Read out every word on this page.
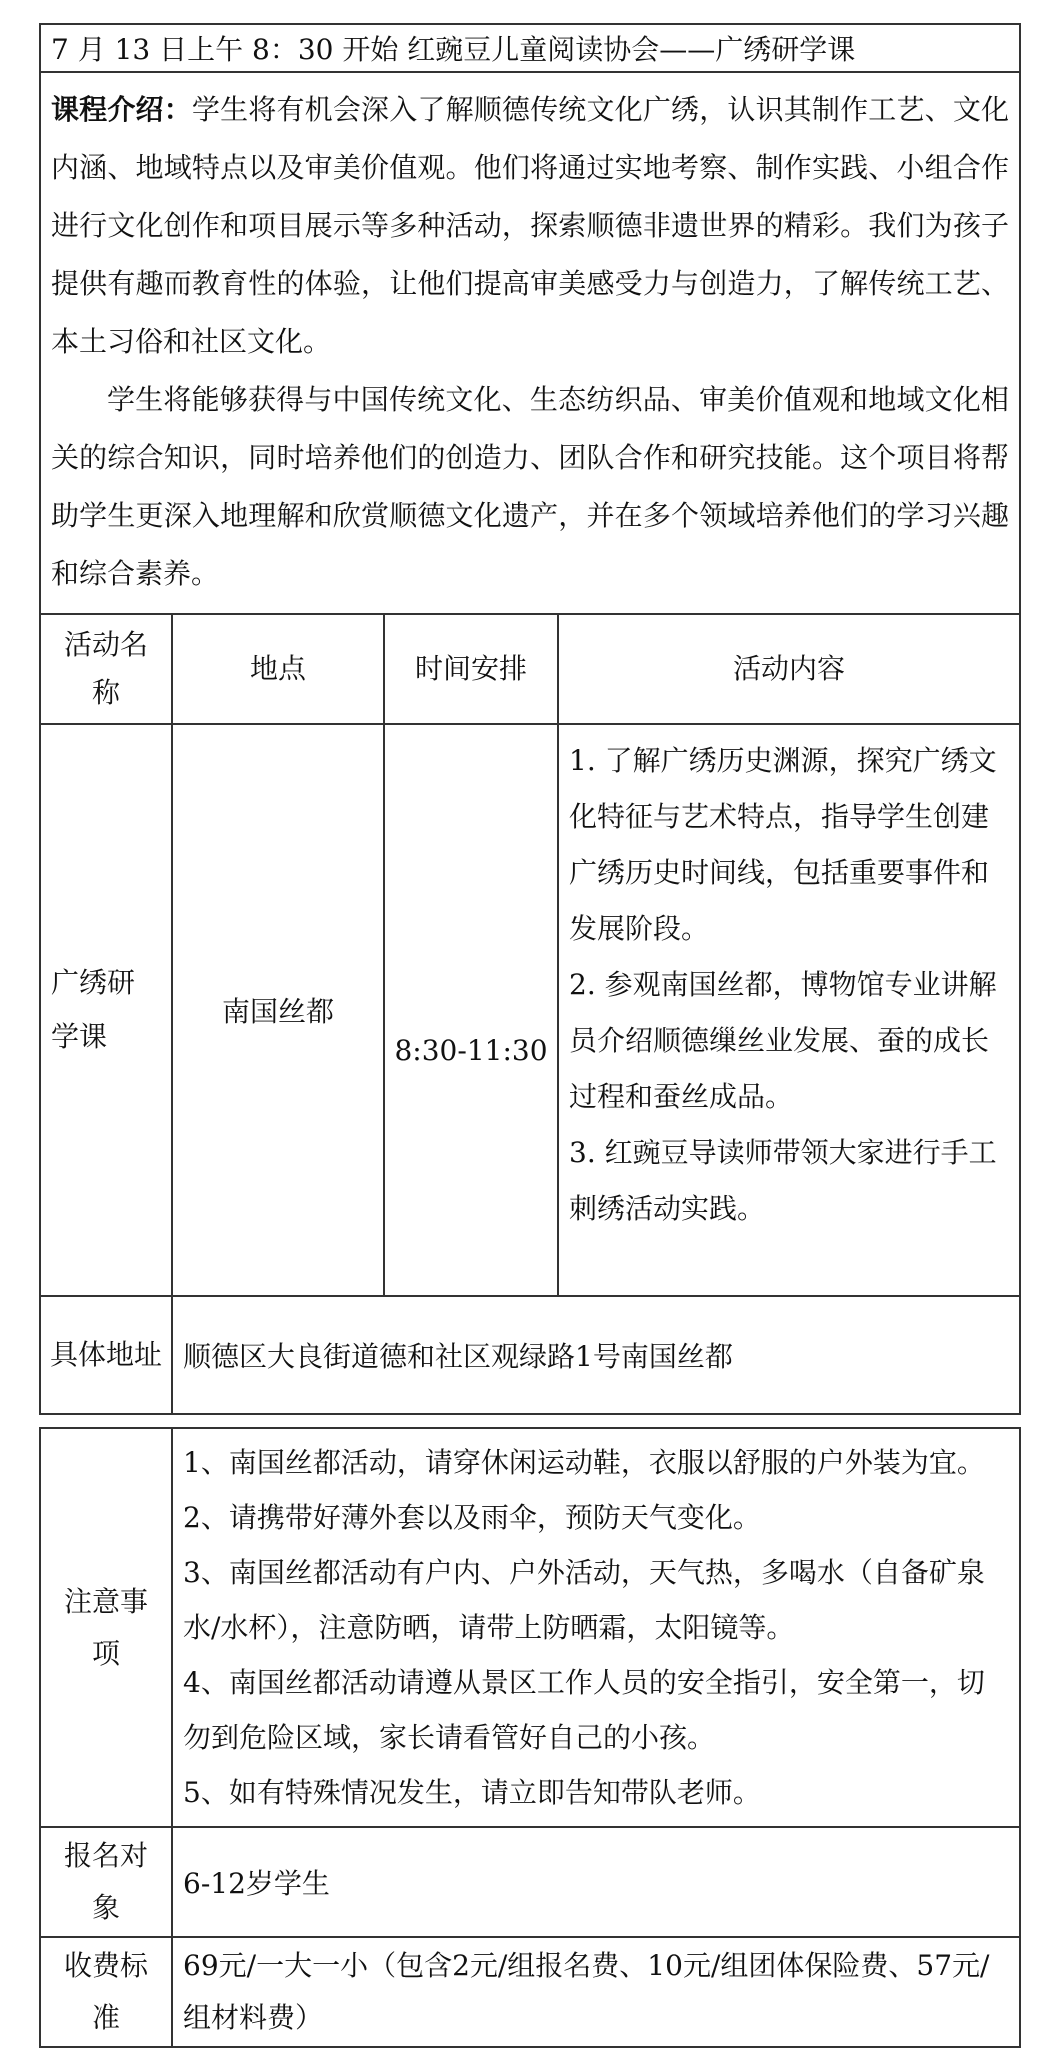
7 月 13 日上午 8：30 开始 红豌豆儿童阅读协会——广绣研学课			

课程介绍：学生将有机会深入了解顺德传统文化广绣，认识其制作工艺、文化内涵、地域特点以及审美价值观。他们将通过实地考察、制作实践、小组合作进行文化创作和项目展示等多种活动，探索顺德非遗世界的精彩。我们为孩子提供有趣而教育性的体验，让他们提高审美感受力与创造力，了解传统工艺、本土习俗和社区文化。

学生将能够获得与中国传统文化、生态纺织品、审美价值观和地域文化相关的综合知识，同时培养他们的创造力、团队合作和研究技能。这个项目将帮助学生更深入地理解和欣赏顺德文化遗产，并在多个领域培养他们的学习兴趣和综合素养。			

活动名称	地点	时间安排	活动内容
广绣研学课	南国丝都	8:30-11:30	1. 了解广绣历史渊源，探究广绣文化特征与艺术特点，指导学生创建广绣历史时间线，包括重要事件和发展阶段。
2. 参观南国丝都，博物馆专业讲解员介绍顺德缫丝业发展、蚕的成长过程和蚕丝成品。
3. 红豌豆导读师带领大家进行手工刺绣活动实践。

具体地址	顺德区大良街道德和社区观绿路1号南国丝都		
注意事项	1、南国丝都活动，请穿休闲运动鞋，衣服以舒服的户外装为宜。
2、请携带好薄外套以及雨伞，预防天气变化。
3、南国丝都活动有户内、户外活动，天气热，多喝水（自备矿泉水/水杯），注意防晒，请带上防晒霜，太阳镜等。
4、南国丝都活动请遵从景区工作人员的安全指引，安全第一，切勿到危险区域，家长请看管好自己的小孩。
5、如有特殊情况发生，请立即告知带队老师。

报名对象	6-12岁学生
收费标准	69元/一大一小（包含2元/组报名费、10元/组团体保险费、57元/组材料费）
